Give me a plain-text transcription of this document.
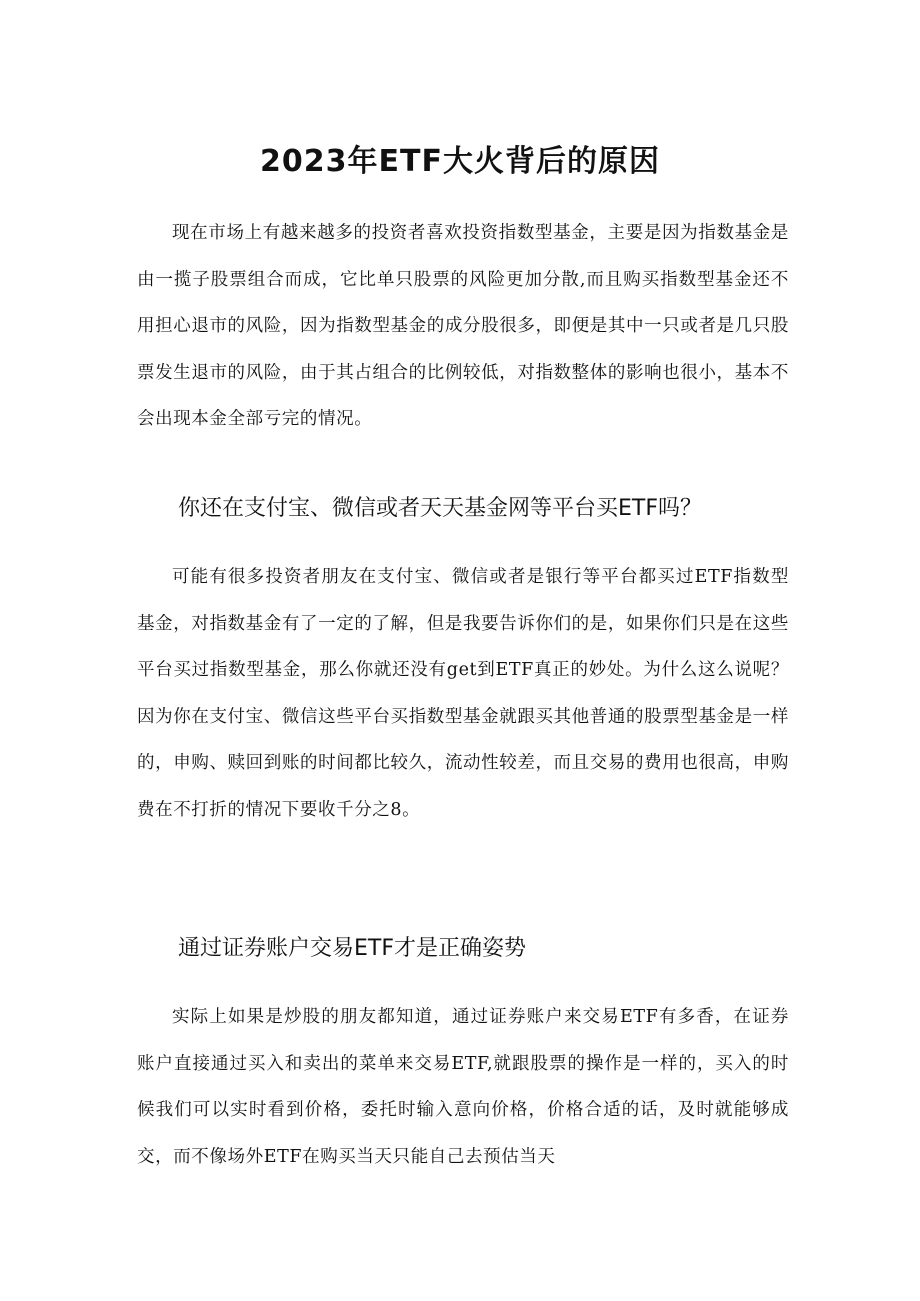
2023年ETF大火背后的原因

现在市场上有越来越多的投资者喜欢投资指数型基金，主要是因为指数基金是由一揽子股票组合而成，它比单只股票的风险更加分散,而且购买指数型基金还不用担心退市的风险，因为指数型基金的成分股很多，即便是其中一只或者是几只股票发生退市的风险，由于其占组合的比例较低，对指数整体的影响也很小，基本不会出现本金全部亏完的情况。

你还在支付宝、微信或者天天基金网等平台买ETF吗？

可能有很多投资者朋友在支付宝、微信或者是银行等平台都买过ETF指数型基金，对指数基金有了一定的了解，但是我要告诉你们的是，如果你们只是在这些平台买过指数型基金，那么你就还没有get到ETF真正的妙处。为什么这么说呢？因为你在支付宝、微信这些平台买指数型基金就跟买其他普通的股票型基金是一样的，申购、赎回到账的时间都比较久，流动性较差，而且交易的费用也很高，申购费在不打折的情况下要收千分之8。

通过证券账户交易ETF才是正确姿势

实际上如果是炒股的朋友都知道，通过证券账户来交易ETF有多香，在证券账户直接通过买入和卖出的菜单来交易ETF,就跟股票的操作是一样的，买入的时候我们可以实时看到价格，委托时输入意向价格，价格合适的话，及时就能够成交，而不像场外ETF在购买当天只能自己去预估当天
